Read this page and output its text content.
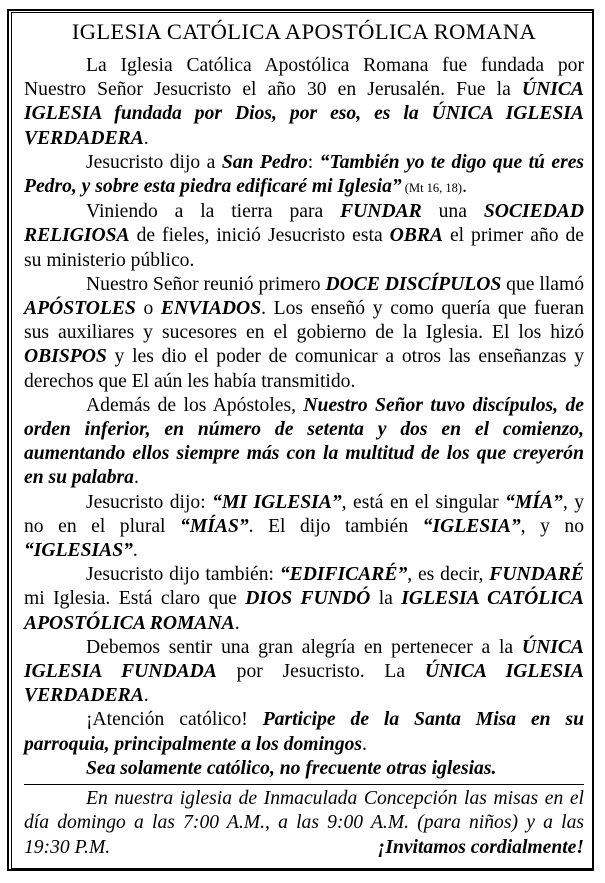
IGLESIA CATÓLICA APOSTÓLICA ROMANA

La Iglesia Católica Apostólica Romana fue fundada por Nuestro Señor Jesucristo el año 30 en Jerusalén. Fue la ÚNICA IGLESIA fundada por Dios, por eso, es la ÚNICA IGLESIA VERDADERA.

Jesucristo dijo a San Pedro: “También yo te digo que tú eres Pedro, y sobre esta piedra edificaré mi Iglesia” (Mt 16, 18).

Viniendo a la tierra para FUNDAR una SOCIEDAD RELIGIOSA de fieles, inició Jesucristo esta OBRA el primer año de su ministerio público.

Nuestro Señor reunió primero DOCE DISCÍPULOS que llamó APÓSTOLES o ENVIADOS. Los enseñó y como quería que fueran sus auxiliares y sucesores en el gobierno de la Iglesia. El los hizó OBISPOS y les dio el poder de comunicar a otros las enseñanzas y derechos que El aún les había transmitido.

Además de los Apóstoles, Nuestro Señor tuvo discípulos, de orden inferior, en número de setenta y dos en el comienzo, aumentando ellos siempre más con la multitud de los que creyerón en su palabra.

Jesucristo dijo: “MI IGLESIA”, está en el singular “MÍA”, y no en el plural “MÍAS”. El dijo también “IGLESIA”, y no “IGLESIAS”.

Jesucristo dijo también: “EDIFICARÉ”, es decir, FUNDARÉ mi Iglesia. Está claro que DIOS FUNDÓ la IGLESIA CATÓLICA APOSTÓLICA ROMANA.

Debemos sentir una gran alegría en pertenecer a la ÚNICA IGLESIA FUNDADA por Jesucristo. La ÚNICA IGLESIA VERDADERA.

¡Atención católico! Participe de la Santa Misa en su parroquia, principalmente a los domingos.

Sea solamente católico, no frecuente otras iglesias.

En nuestra iglesia de Inmaculada Concepción las misas en el día domingo a las 7:00 A.M., a las 9:00 A.M. (para niños) y a las 19:30 P.M.	¡Invitamos cordialmente!
